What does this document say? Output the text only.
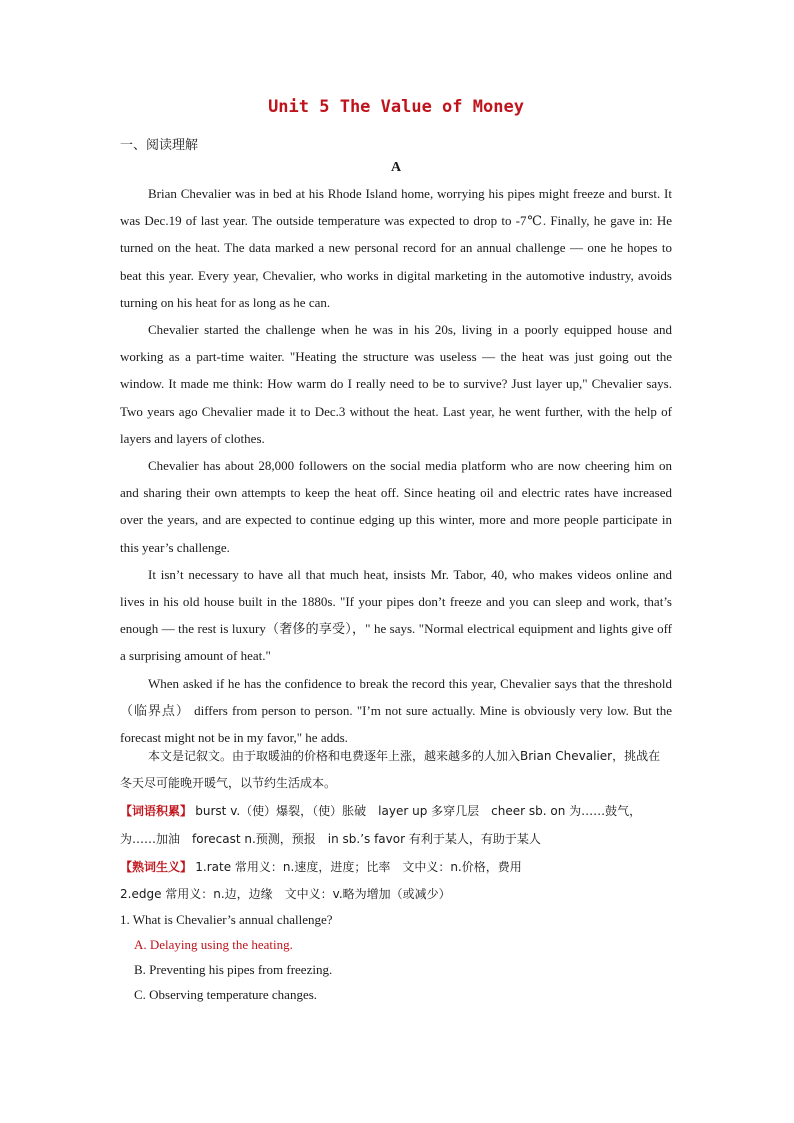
Unit 5 The Value of Money
一、阅读理解
A

Brian Chevalier was in bed at his Rhode Island home, worrying his pipes might freeze and burst. It was Dec.19 of last year. The outside temperature was expected to drop to -7℃. Finally, he gave in: He turned on the heat. The data marked a new personal record for an annual challenge — one he hopes to beat this year. Every year, Chevalier, who works in digital marketing in the automotive industry, avoids turning on his heat for as long as he can.

Chevalier started the challenge when he was in his 20s, living in a poorly equipped house and working as a part-time waiter. "Heating the structure was useless — the heat was just going out the window. It made me think: How warm do I really need to be to survive? Just layer up," Chevalier says. Two years ago Chevalier made it to Dec.3 without the heat. Last year, he went further, with the help of layers and layers of clothes.

Chevalier has about 28,000 followers on the social media platform who are now cheering him on and sharing their own attempts to keep the heat off. Since heating oil and electric rates have increased over the years, and are expected to continue edging up this winter, more and more people participate in this year’s challenge.

It isn’t necessary to have all that much heat, insists Mr. Tabor, 40, who makes videos online and lives in his old house built in the 1880s. "If your pipes don’t freeze and you can sleep and work, that’s enough — the rest is luxury（奢侈的享受），" he says. "Normal electrical equipment and lights give off a surprising amount of heat."

When asked if he has the confidence to break the record this year, Chevalier says that the threshold（临界点） differs from person to person. "I’m not sure actually. Mine is obviously very low. But the forecast might not be in my favor," he adds.

本文是记叙文。由于取暖油的价格和电费逐年上涨，越来越多的人加入Brian Chevalier，挑战在冬天尽可能晚开暖气，以节约生活成本。

【词语积累】 burst v.（使）爆裂，（使）胀破　layer up 多穿几层　cheer sb. on 为……鼓气，为……加油　forecast n.预测，预报　in sb.’s favor 有利于某人，有助于某人

【熟词生义】 1.rate 常用义：n.速度，进度；比率　文中义：n.价格，费用

2.edge 常用义：n.边，边缘　文中义：v.略为增加（或减少）

1. What is Chevalier’s annual challenge?

A. Delaying using the heating.

B. Preventing his pipes from freezing.

C. Observing temperature changes.
